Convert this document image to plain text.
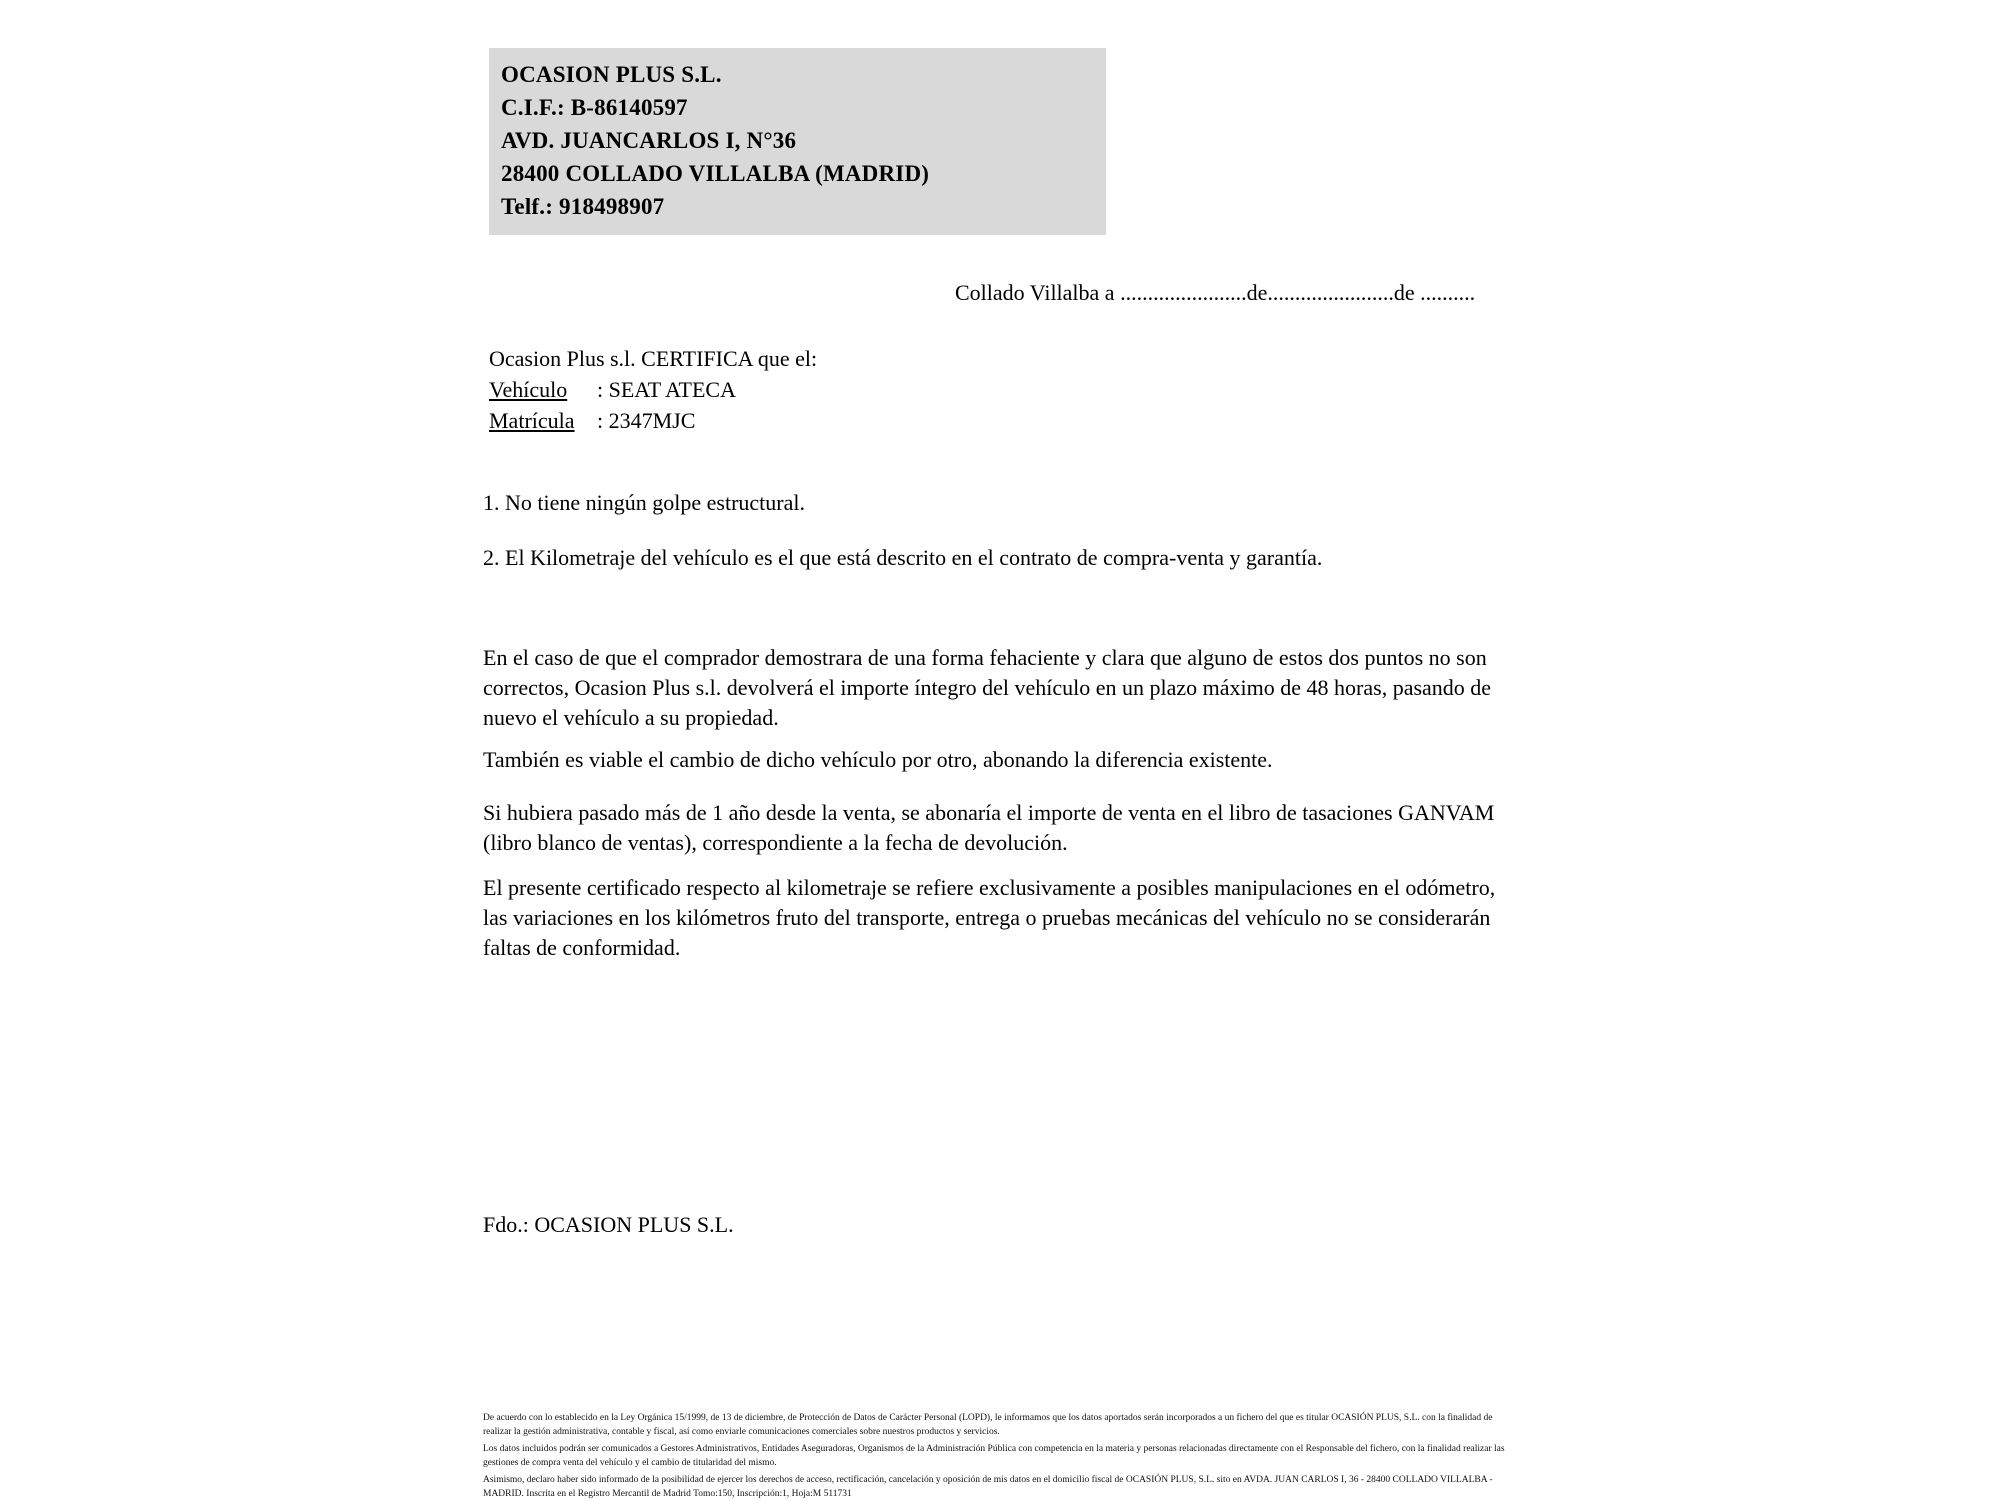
OCASION PLUS S.L.
C.I.F.: B-86140597
AVD. JUANCARLOS I, N°36
28400 COLLADO VILLALBA (MADRID)
Telf.: 918498907
Collado Villalba a .......................de.......................de ..........
Ocasion Plus s.l. CERTIFICA que el:
Vehículo : SEAT ATECA
Matrícula : 2347MJC
1. No tiene ningún golpe estructural.
2. El Kilometraje del vehículo es el que está descrito en el contrato de compra-venta y garantía.
En el caso de que el comprador demostrara de una forma fehaciente y clara que alguno de estos dos puntos no son correctos, Ocasion Plus s.l. devolverá el importe íntegro del vehículo en un plazo máximo de 48 horas, pasando de nuevo el vehículo a su propiedad.
También es viable el cambio de dicho vehículo por otro, abonando la diferencia existente.
Si hubiera pasado más de 1 año desde la venta, se abonaría el importe de venta en el libro de tasaciones GANVAM (libro blanco de ventas), correspondiente a la fecha de devolución.
El presente certificado respecto al kilometraje se refiere exclusivamente a posibles manipulaciones en el odómetro, las variaciones en los kilómetros fruto del transporte, entrega o pruebas mecánicas del vehículo no se considerarán faltas de conformidad.
Fdo.: OCASION PLUS S.L.

De acuerdo con lo establecido en la Ley Orgánica 15/1999, de 13 de diciembre, de Protección de Datos de Carácter Personal (LOPD), le informamos que los datos aportados serán incorporados a un fichero del que es titular OCASIÓN PLUS, S.L. con la finalidad de realizar la gestión administrativa, contable y fiscal, así como enviarle comunicaciones comerciales sobre nuestros productos y servicios.

Los datos incluidos podrán ser comunicados a Gestores Administrativos, Entidades Aseguradoras, Organismos de la Administración Pública con competencia en la materia y personas relacionadas directamente con el Responsable del fichero, con la finalidad realizar las gestiones de compra venta del vehículo y el cambio de titularidad del mismo.

Asimismo, declaro haber sido informado de la posibilidad de ejercer los derechos de acceso, rectificación, cancelación y oposición de mis datos en el domicilio fiscal de OCASIÓN PLUS, S.L. sito en AVDA. JUAN CARLOS I, 36 - 28400 COLLADO VILLALBA - MADRID. Inscrita en el Registro Mercantil de Madrid Tomo:150, Inscripción:1, Hoja:M 511731
